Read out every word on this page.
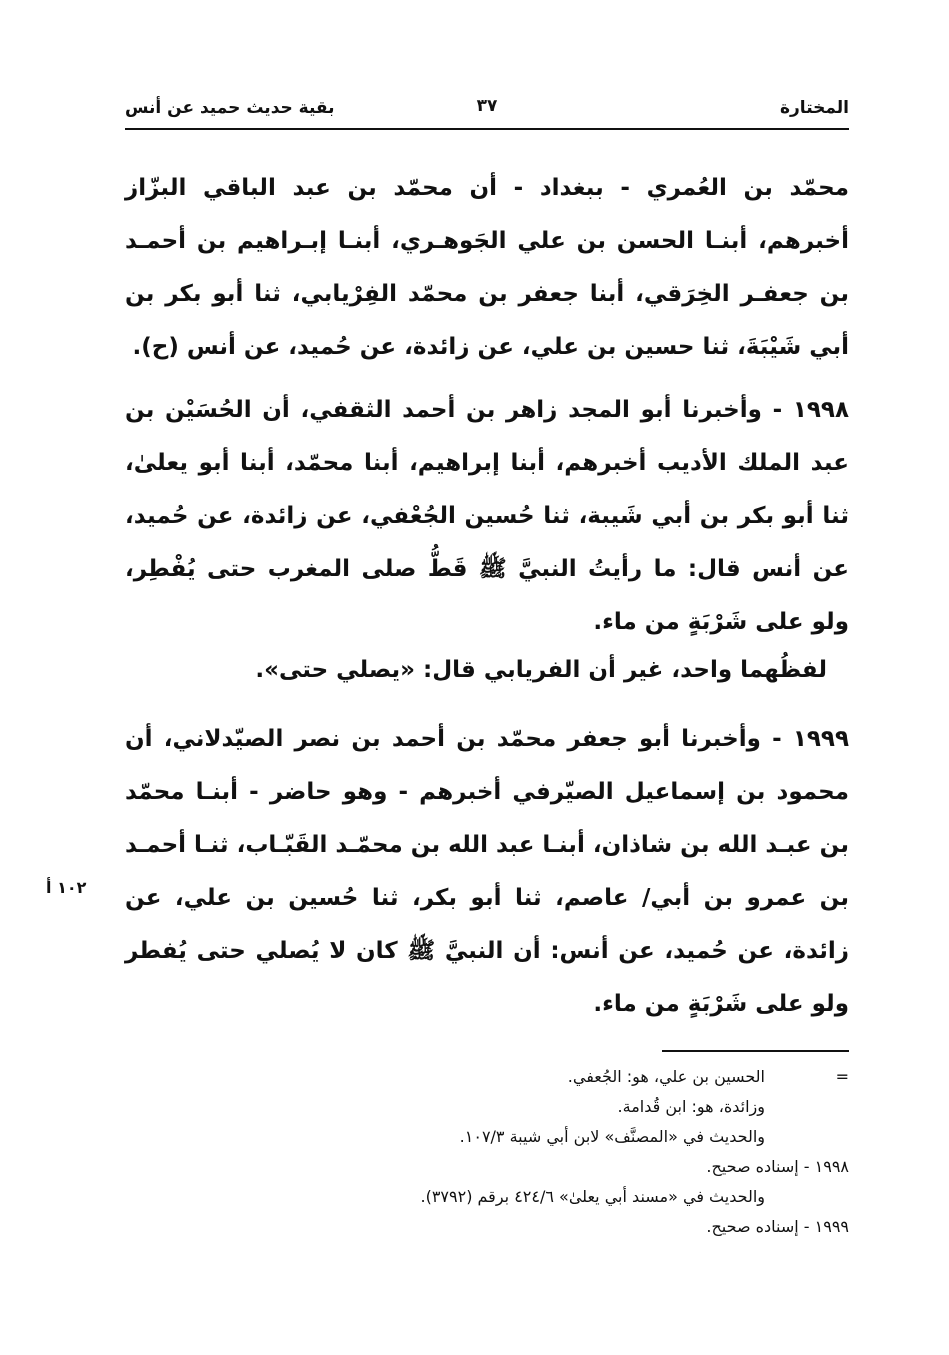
المختارة
٣٧
بقية حديث حميد عن أنس

محمّد بن العُمري - ببغداد - أن محمّد بن عبد الباقي البزّاز أخبرهم، أبنـا الحسن بن علي الجَوهـري، أبنـا إبـراهيم بن أحمـد بن جعفـر الخِرَقي، أبنا جعفر بن محمّد الفِرْيابي، ثنا أبو بكر بن أبي شَيْبَةَ، ثنا حسين بن علي، عن زائدة، عن حُميد، عن أنس (ح).

١٩٩٨ - وأخبرنا أبو المجد زاهر بن أحمد الثقفي، أن الحُسَيْن بن عبد الملك الأديب أخبرهم، أبنا إبراهيم، أبنا محمّد، أبنا أبو يعلىٰ، ثنا أبو بكر بن أبي شَيبة، ثنا حُسين الجُعْفي، عن زائدة، عن حُميد، عن أنس قال: ما رأيتُ النبيَّ ﷺ قَطُّ صلى المغرب حتى يُفْطِر، ولو على شَرْبَةٍ من ماء.

لفظُهما واحد، غير أن الفريابي قال: «يصلي حتى».

١٩٩٩ - وأخبرنا أبو جعفر محمّد بن أحمد بن نصر الصيّدلاني، أن محمود بن إسماعيل الصيّرفي أخبرهم - وهو حاضر - أبنـا محمّد بن عبـد الله بن شاذان، أبنـا عبد الله بن محمّـد القَبّـاب، ثنـا أحمـد بن عمرو بن أبي/ عاصم، ثنا أبو بكر، ثنا حُسين بن علي، عن زائدة، عن حُميد، عن أنس: أن النبيَّ ﷺ كان لا يُصلي حتى يُفطر ولو على شَرْبَةٍ من ماء.

١٠٢ أ
=الحسين بن علي، هو: الجُعفي.
وزائدة، هو: ابن قُدامة.
والحديث في «المصنَّف» لابن أبي شيبة ١٠٧/٣.
١٩٩٨ - إسناده صحيح.
والحديث في «مسند أبي يعلىٰ» ٤٢٤/٦ برقم (٣٧٩٢).
١٩٩٩ - إسناده صحيح.
